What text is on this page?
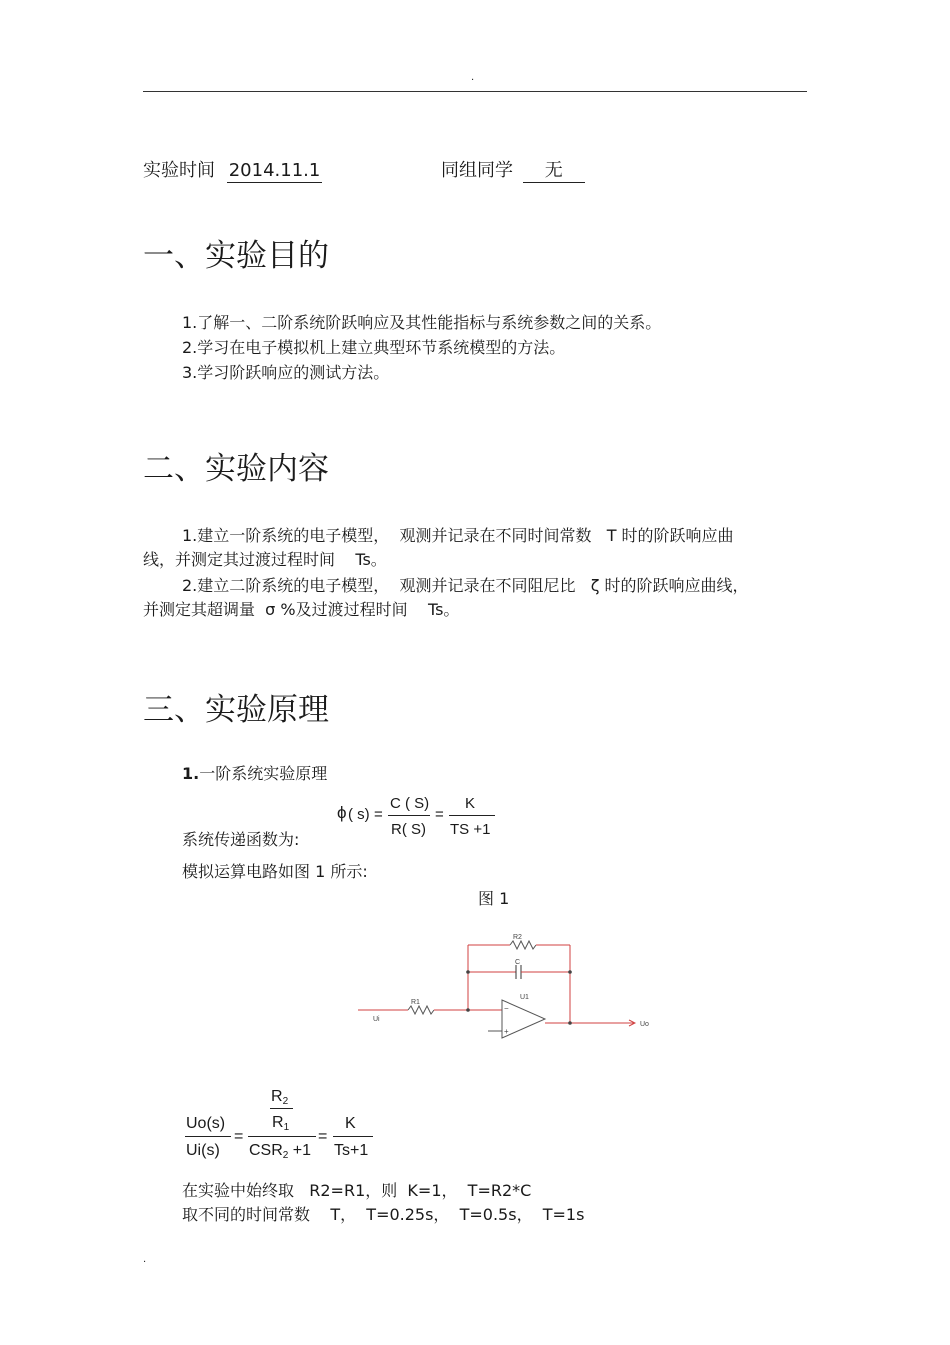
.
实验时间 2014.11.1	同组同学 无
一、实验目的
1.了解一、二阶系统阶跃响应及其性能指标与系统参数之间的关系。
2.学习在电子模拟机上建立典型环节系统模型的方法。
3.学习阶跃响应的测试方法。
二、实验内容
1.建立一阶系统的电子模型，  观测并记录在不同时间常数   T 时的阶跃响应曲
线，并测定其过渡过程时间    Ts。
2.建立二阶系统的电子模型，  观测并记录在不同阻尼比   ζ 时的阶跃响应曲线，
并测定其超调量  σ %及过渡过程时间    Ts。
三、实验原理
1.一阶系统实验原理
系统传递函数为:
ϕ ( s) =
C ( S)
R( S)
=
K
TS +1
模拟运算电路如图 1 所示:
图 1
R2
C
R1
U1
Ui
Uo
−
+
Uo(s)
Ui(s)
=
R2
R1
CSR2 +1
=
K
Ts+1
在实验中始终取   R2=R1，则  K=1，  T=R2*C
取不同的时间常数    T，  T=0.25s，  T=0.5s，  T=1s
.
